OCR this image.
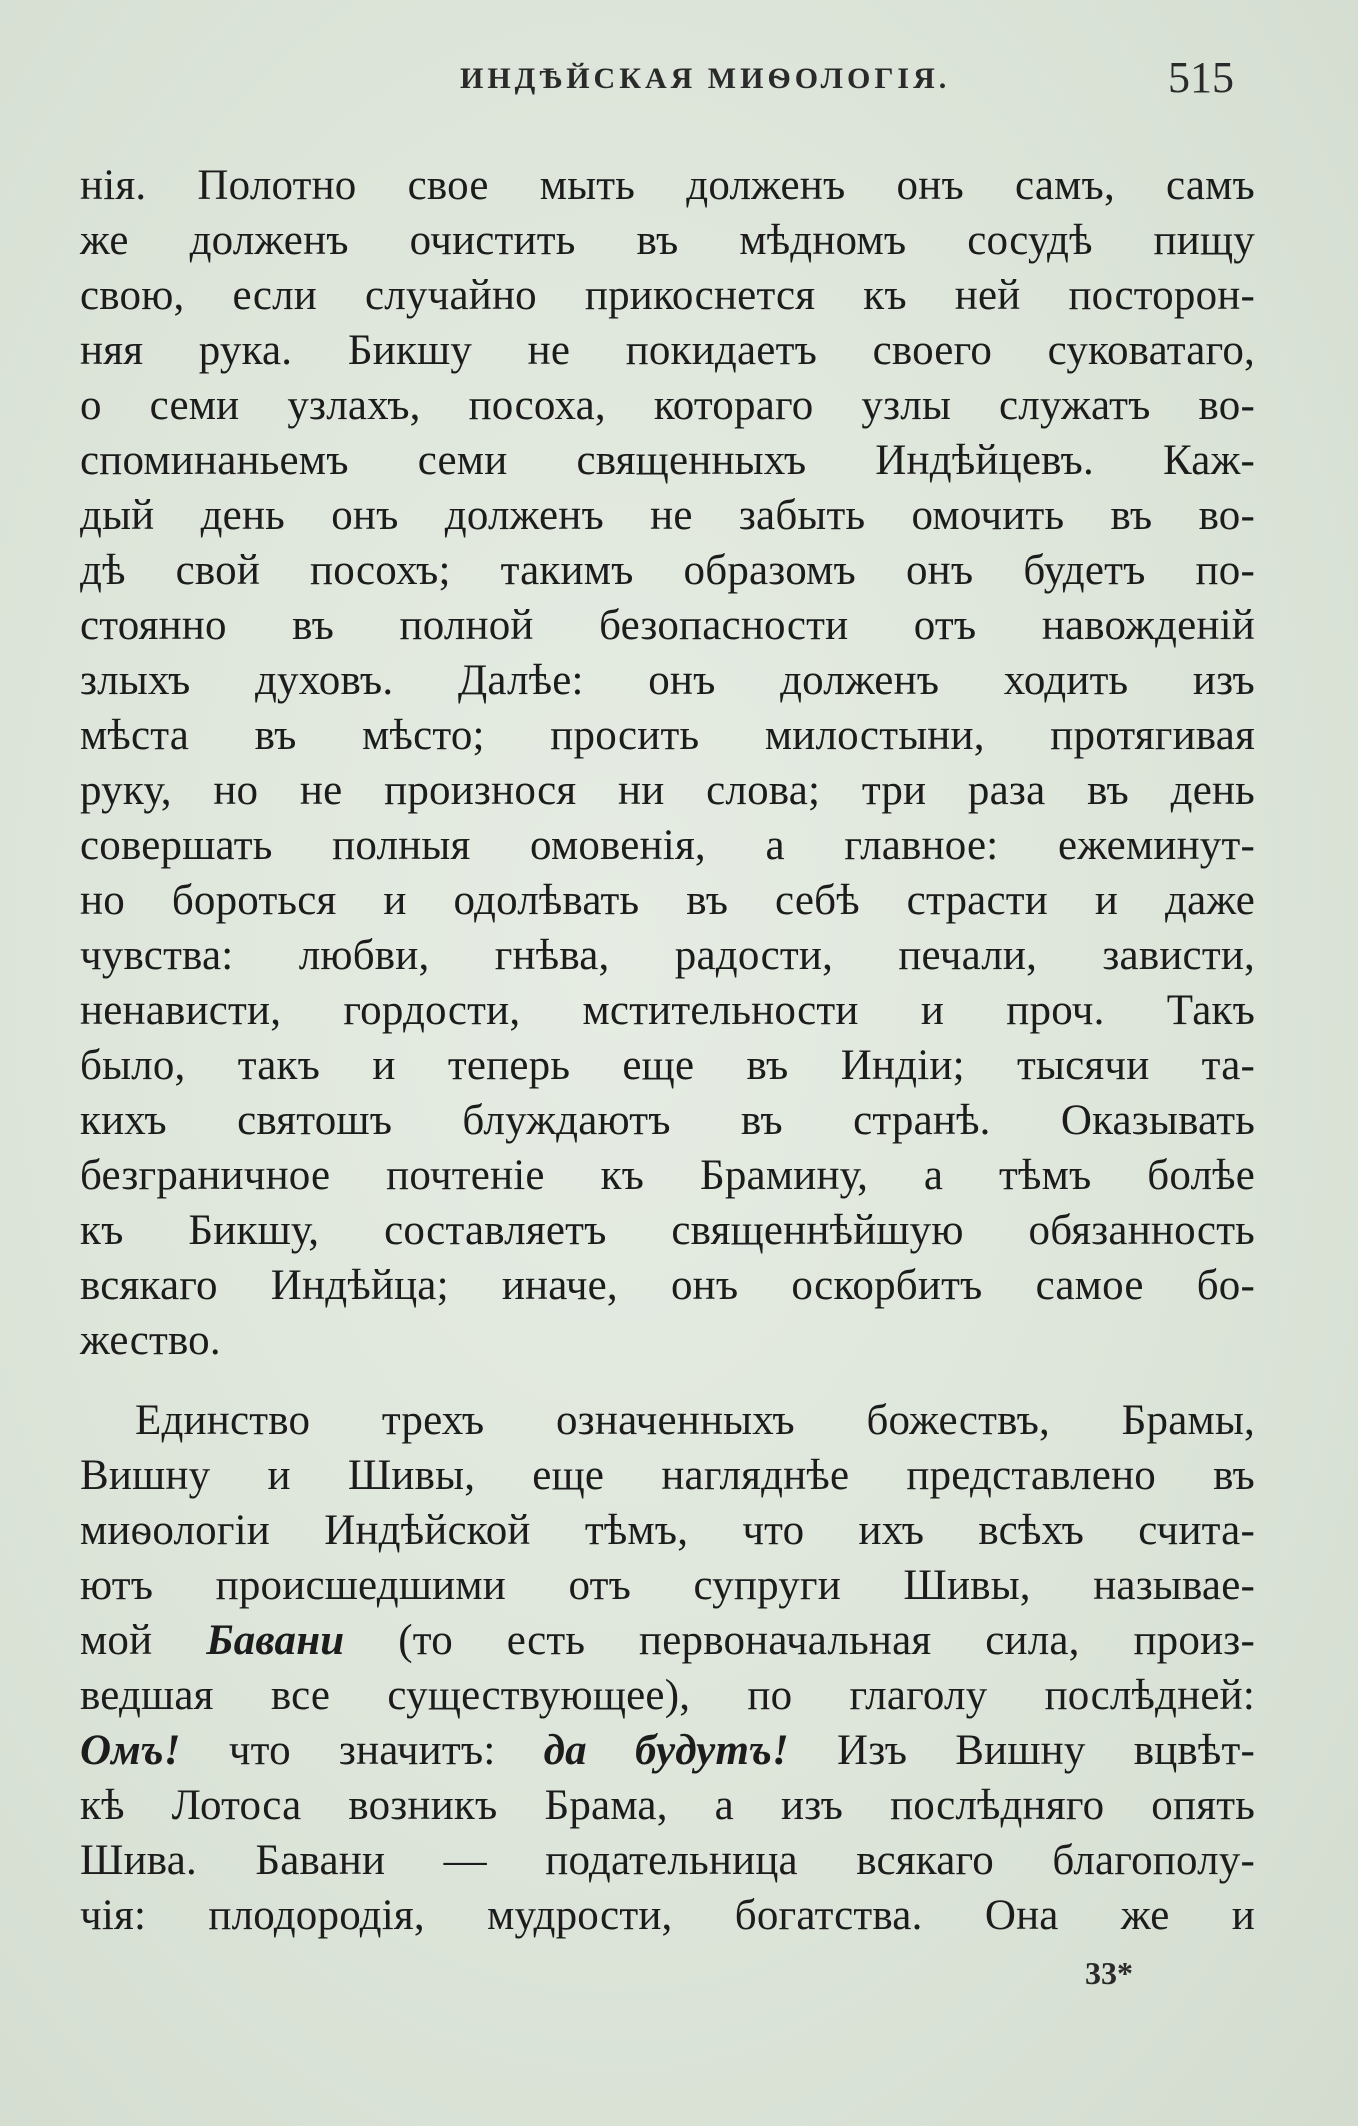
ИНДѢЙСКАЯ МИѲОЛОГІЯ.	515
нія. Полотно свое мыть долженъ онъ самъ, самъ
же долженъ очистить въ мѣдномъ сосудѣ пищу
свою, если случайно прикоснется къ ней посторон-
няя рука. Бикшу не покидаетъ своего суковатаго,
о семи узлахъ, посоха, котораго узлы служатъ во-
споминаньемъ семи священныхъ Индѣйцевъ. Каж-
дый день онъ долженъ не забыть омочить въ во-
дѣ свой посохъ; такимъ образомъ онъ будетъ по-
стоянно въ полной безопасности отъ навожденій
злыхъ духовъ. Далѣе: онъ долженъ ходить изъ
мѣста въ мѣсто; просить милостыни, протягивая
руку, но не произнося ни слова; три раза въ день
совершать полныя омовенія, а главное: ежеминут-
но бороться и одолѣвать въ себѣ страсти и даже
чувства: любви, гнѣва, радости, печали, зависти,
ненависти, гордости, мстительности и проч. Такъ
было, такъ и теперь еще въ Индіи; тысячи та-
кихъ святошъ блуждаютъ въ странѣ. Оказывать
безграничное почтеніе къ Брамину, а тѣмъ болѣе
къ Бикшу, составляетъ священнѣйшую обязанность
всякаго Индѣйца; иначе, онъ оскорбитъ самое бо-
жество.
Единство трехъ означенныхъ божествъ, Брамы,
Вишну и Шивы, еще нагляднѣе представлено въ
миѳологіи Индѣйской тѣмъ, что ихъ всѣхъ счита-
ютъ происшедшими отъ супруги Шивы, называе-
мой Бавани (то есть первоначальная сила, произ-
ведшая все существующее), по глаголу послѣдней:
Омъ! что значитъ: да будутъ! Изъ Вишну вцвѣт-
кѣ Лотоса возникъ Брама, а изъ послѣдняго опять
Шива. Бавани — подательница всякаго благополу-
чія: плодородія, мудрости, богатства. Она же и
33*
